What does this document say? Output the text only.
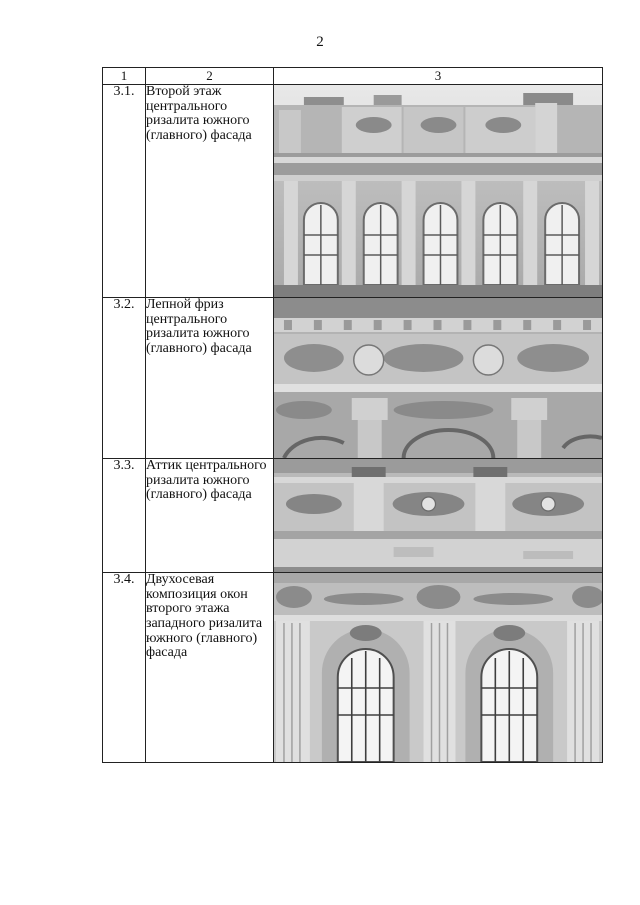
2
1	2	3
3.1.	Второй этаж центрального ризалита южного (главного) фасада	

3.2.	Лепной фриз центрального ризалита южного (главного) фасада	

3.3.	Аттик центрального ризалита южного (главного) фасада	

3.4.	Двухосевая композиция окон второго этажа западного ризалита южного (главного) фасада	
